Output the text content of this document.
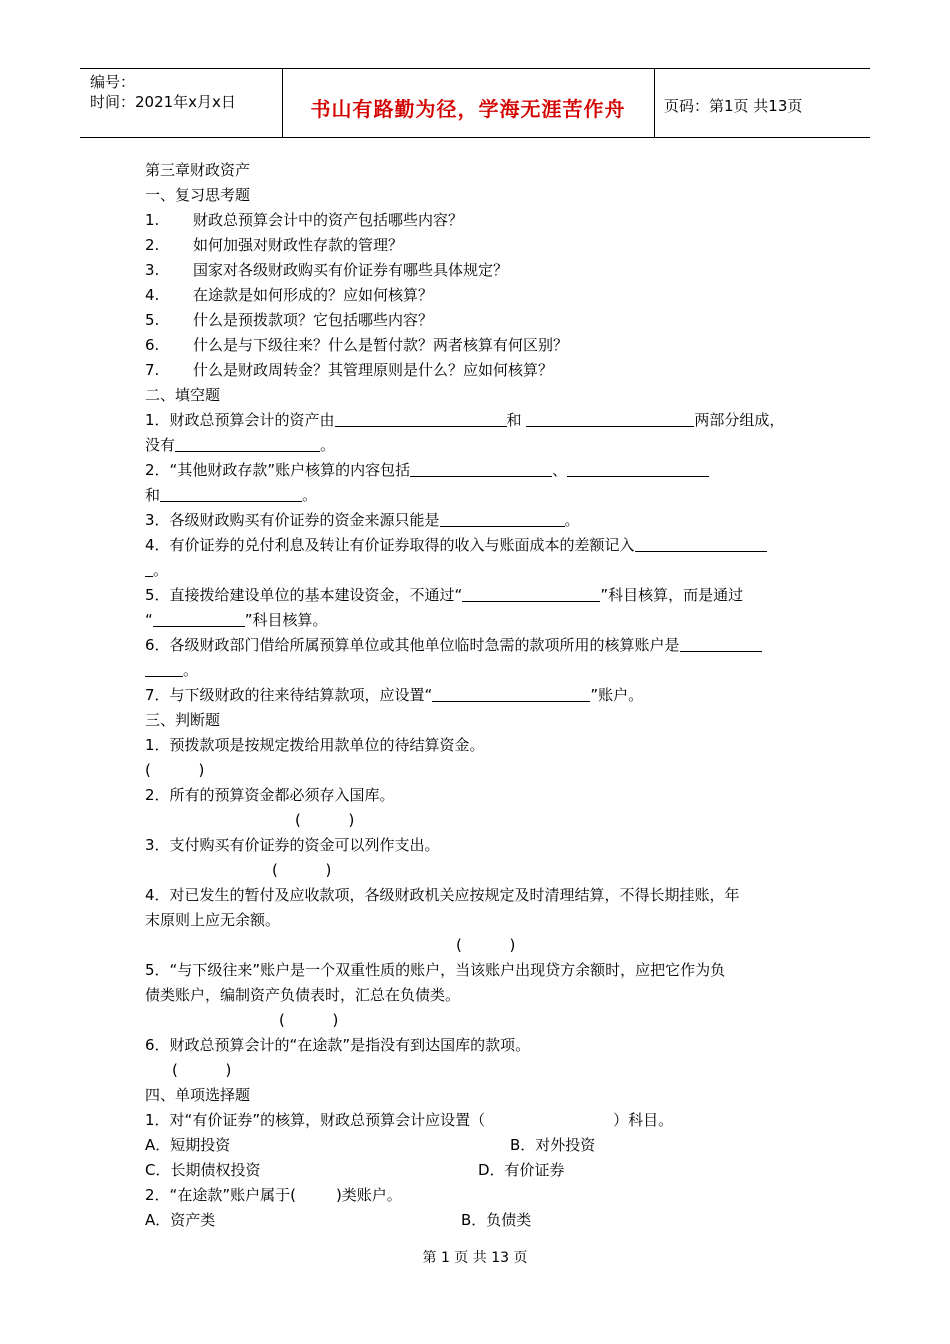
编号：
时间：2021年x月x日	书山有路勤为径，学海无涯苦作舟	页码：第1页 共13页
第三章财政资产
一、复习思考题
1. 财政总预算会计中的资产包括哪些内容？
2. 如何加强对财政性存款的管理？
3. 国家对各级财政购买有价证券有哪些具体规定？
4. 在途款是如何形成的？应如何核算？
5. 什么是预拨款项？它包括哪些内容？
6. 什么是与下级往来？什么是暂付款？两者核算有何区别？
7. 什么是财政周转金？其管理原则是什么？应如何核算？
二、填空题
1．财政总预算会计的资产由	和	两部分组成，
没有	。
2．“其他财政存款”账户核算的内容包括	、
和	。
3．各级财政购买有价证券的资金来源只能是	。
4．有价证券的兑付利息及转让有价证券取得的收入与账面成本的差额记入
。
5．直接拨给建设单位的基本建设资金，不通过“	”科目核算，而是通过
“	”科目核算。
6．各级财政部门借给所属预算单位或其他单位临时急需的款项所用的核算账户是
。
7．与下级财政的往来待结算款项，应设置“	”账户。
三、判断题
1．预拨款项是按规定拨给用款单位的待结算资金。
(          )
2．所有的预算资金都必须存入国库。
(          )
3．支付购买有价证券的资金可以列作支出。
(          )
4．对已发生的暂付及应收款项，各级财政机关应按规定及时清理结算，不得长期挂账，年
末原则上应无余额。
(          )
5．“与下级往来”账户是一个双重性质的账户，当该账户出现贷方余额时，应把它作为负
债类账户，编制资产负债表时，汇总在负债类。
(          )
6．财政总预算会计的“在途款”是指没有到达国库的款项。
(          )
四、单项选择题
1．对“有价证券”的核算，财政总预算会计应设置（	）科目。
A．短期投资	B．对外投资
C．长期债权投资	D．有价证券
2．“在途款”账户属于(	)类账户。
A．资产类	B．负债类
第 1 页 共 13 页
